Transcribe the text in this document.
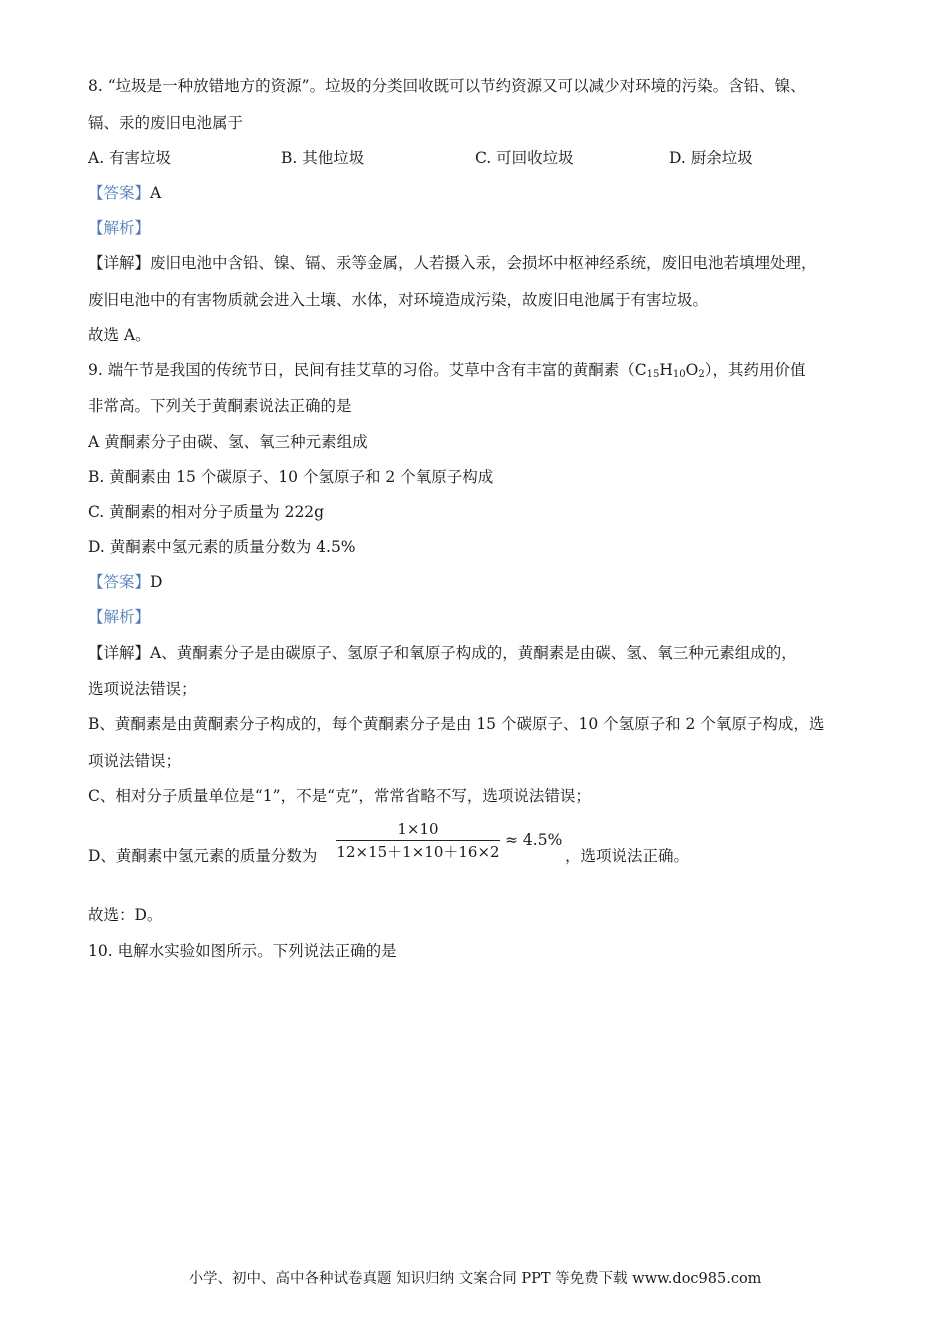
8. “垃圾是一种放错地方的资源”。垃圾的分类回收既可以节约资源又可以减少对环境的污染。含铅、镍、
镉、汞的废旧电池属于
A. 有害垃圾	B. 其他垃圾	C. 可回收垃圾	D. 厨余垃圾
【答案】A
【解析】
【详解】废旧电池中含铅、镍、镉、汞等金属，人若摄入汞，会损坏中枢神经系统，废旧电池若填埋处理，
废旧电池中的有害物质就会进入土壤、水体，对环境造成污染，故废旧电池属于有害垃圾。
故选 A。
9. 端午节是我国的传统节日，民间有挂艾草的习俗。艾草中含有丰富的黄酮素$(C_{15}H_{10}O_2)$，其药用价值
非常高。下列关于黄酮素说法正确的是
A 黄酮素分子由碳、氢、氧三种元素组成
B. 黄酮素由 15 个碳原子、10 个氢原子和 2 个氧原子构成
C. 黄酮素的相对分子质量为 222g
D. 黄酮素中氢元素的质量分数为 4.5%
【答案】D
【解析】
【详解】A、黄酮素分子是由碳原子、氢原子和氧原子构成的，黄酮素是由碳、氢、氧三种元素组成的，
选项说法错误；
B、黄酮素是由黄酮素分子构成的，每个黄酮素分子是由 15 个碳原子、10 个氢原子和 2 个氧原子构成，选
项说法错误；
C、相对分子质量单位是“1”，不是“克”，常常省略不写，选项说法错误；
D、黄酮素中氢元素的质量分数为
1×10
12×15＋1×10＋16×2
≈ 4.5%
，选项说法正确。
故选：D。
10. 电解水实验如图所示。下列说法正确的是
小学、初中、高中各种试卷真题 知识归纳 文案合同 PPT 等免费下载 www.doc985.com
